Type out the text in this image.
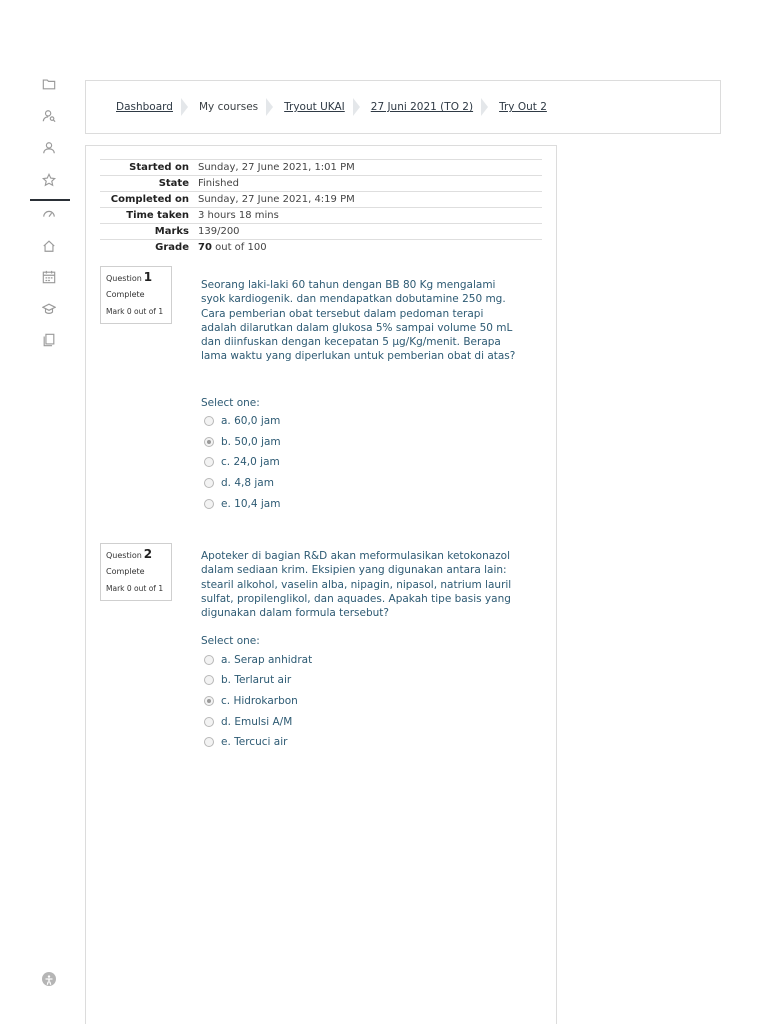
Dashboard My courses Tryout UKAI 27 Juni 2021 (TO 2) Try Out 2
Started on	Sunday, 27 June 2021, 1:01 PM
State	Finished
Completed on	Sunday, 27 June 2021, 4:19 PM
Time taken	3 hours 18 mins
Marks	139/200
Grade	70 out of 100
Question 1
Complete
Mark 0 out of 1
Seorang laki-laki 60 tahun dengan BB 80 Kg mengalami syok kardiogenik. dan mendapatkan dobutamine 250 mg. Cara pemberian obat tersebut dalam pedoman terapi adalah dilarutkan dalam glukosa 5% sampai volume 50 mL dan diinfuskan dengan kecepatan 5 μg/Kg/menit. Berapa lama waktu yang diperlukan untuk pemberian obat di atas?
Select one:
a. 60,0 jam
b. 50,0 jam
c. 24,0 jam
d. 4,8 jam
e. 10,4 jam
Question 2
Complete
Mark 0 out of 1
Apoteker di bagian R&D akan meformulasikan ketokonazol dalam sediaan krim. Eksipien yang digunakan antara lain: stearil alkohol, vaselin alba, nipagin, nipasol, natrium lauril sulfat, propilenglikol, dan aquades. Apakah tipe basis yang digunakan dalam formula tersebut?
Select one:
a. Serap anhidrat
b. Terlarut air
c. Hidrokarbon
d. Emulsi A/M
e. Tercuci air
